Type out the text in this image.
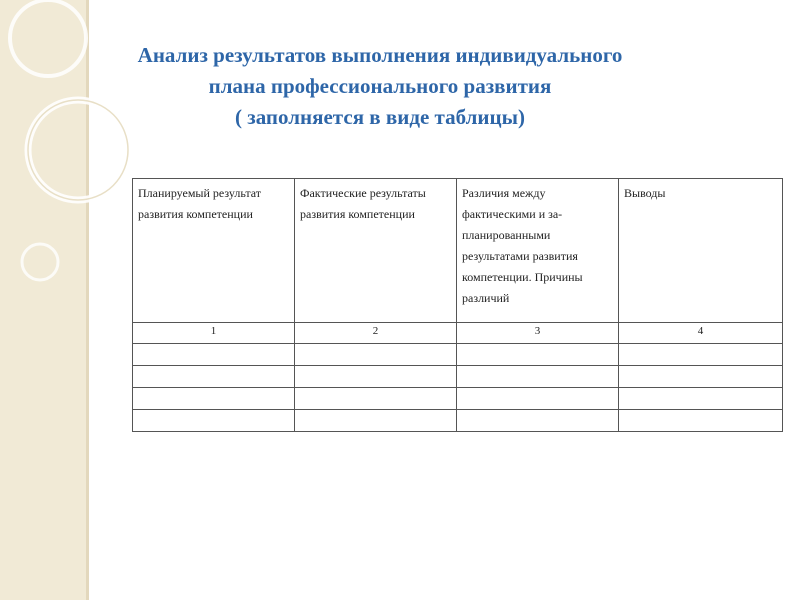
Анализ результатов выполнения индивидуального
плана профессионального развития
( заполняется в виде таблицы)
Планируемый результат развития компетенции	Фактические результаты развития компетенции	Различия между фактическими и за-планированными результатами развития компетенции. Причины различий	Выводы
1	2	3	4
